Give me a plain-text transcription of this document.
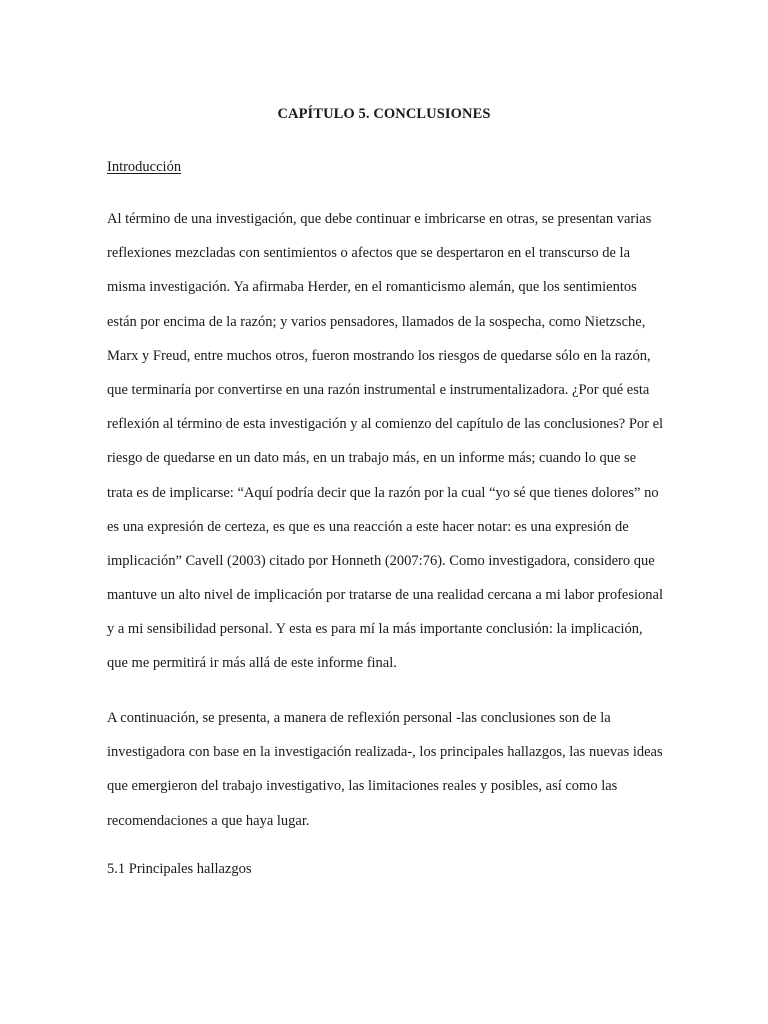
CAPÍTULO 5. CONCLUSIONES
Introducción
Al término de una investigación, que debe continuar e imbricarse en otras, se presentan varias
reflexiones mezcladas con sentimientos o afectos que se despertaron en el transcurso de la
misma investigación. Ya afirmaba Herder, en el romanticismo alemán, que los sentimientos
están por encima de la razón; y varios pensadores, llamados de la sospecha, como Nietzsche,
Marx y Freud, entre muchos otros, fueron mostrando los riesgos de quedarse sólo en la razón,
que terminaría por convertirse en una razón instrumental e instrumentalizadora. ¿Por qué esta
reflexión al término de esta investigación y al comienzo del capítulo de las conclusiones? Por el
riesgo de quedarse en un dato más, en un trabajo más, en un informe más; cuando lo que se
trata es de implicarse: “Aquí podría decir que la razón por la cual “yo sé que tienes dolores” no
es una expresión de certeza, es que es una reacción a este hacer notar: es una expresión de
implicación” Cavell (2003) citado por Honneth (2007:76). Como investigadora, considero que
mantuve un alto nivel de implicación por tratarse de una realidad cercana a mi labor profesional
y a mi sensibilidad personal. Y esta es para mí la más importante conclusión: la implicación,
que me permitirá ir más allá de este informe final.
A continuación, se presenta, a manera de reflexión personal -las conclusiones son de la
investigadora con base en la investigación realizada-, los principales hallazgos, las nuevas ideas
que emergieron del trabajo investigativo, las limitaciones reales y posibles, así como las
recomendaciones a que haya lugar.
5.1 Principales hallazgos
